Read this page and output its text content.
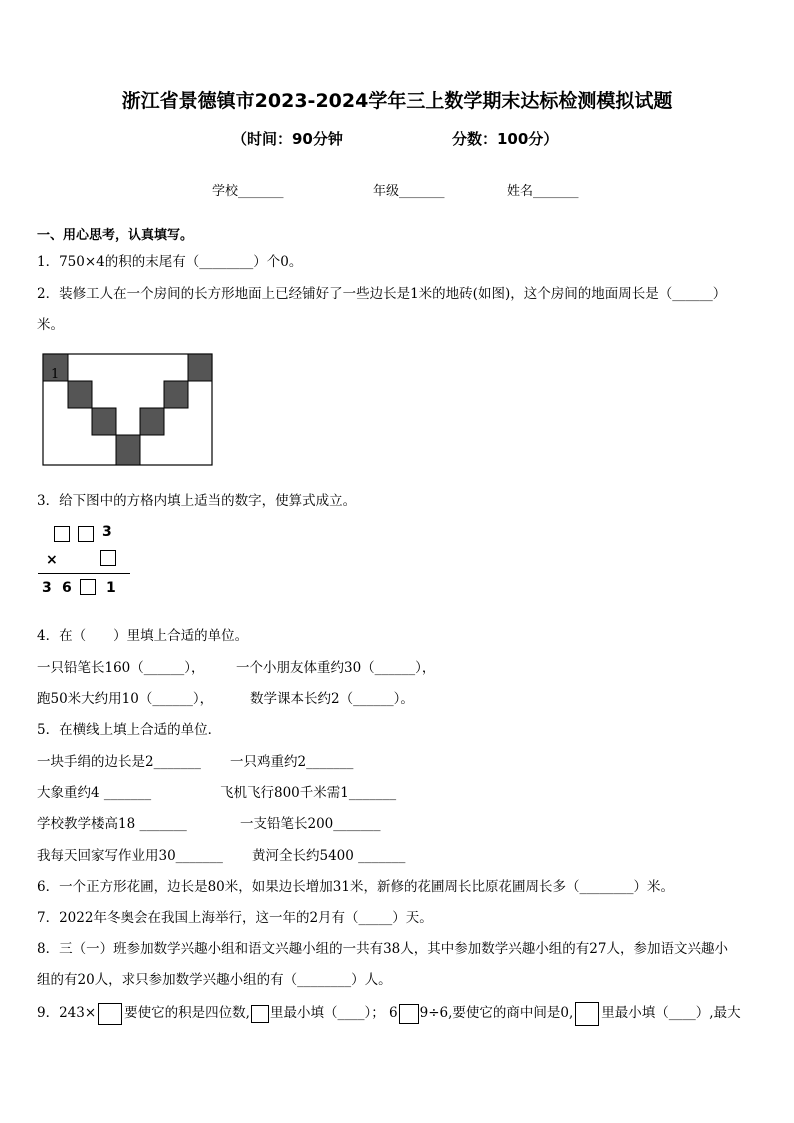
浙江省景德镇市2023-2024学年三上数学期末达标检测模拟试题
（时间：90分钟	分数：100分）
学校_______	年级_______	姓名_______
一、用心思考，认真填写。
1．750×4的积的末尾有（________）个0。
2．装修工人在一个房间的长方形地面上已经铺好了一些边长是1米的地砖(如图)，这个房间的地面周长是（______）
米。
1
3．给下图中的方格内填上适当的数字，使算式成立。
3
×
3 6 1
4．在（　　）里填上合适的单位。
一只铅笔长160（______）， 一个小朋友体重约30（______），
跑50米大约用10（______），	数学课本长约2（______）。
5．在横线上填上合适的单位．
一块手绢的边长是2_______ 一只鸡重约2_______
大象重约4 _______	飞机飞行800千米需1_______
学校教学楼高18 _______	一支铅笔长200_______
我每天回家写作业用30_______ 黄河全长约5400 _______
6．一个正方形花圃，边长是80米，如果边长增加31米，新修的花圃周长比原花圃周长多（________）米。
7．2022年冬奥会在我国上海举行，这一年的2月有（_____）天。
8．三（一）班参加数学兴趣小组和语文兴趣小组的一共有38人，其中参加数学兴趣小组的有27人，参加语文兴趣小
组的有20人，求只参加数学兴趣小组的有（________）人。
9．243× 要使它的积是四位数, 里最小填（____）； 6 9÷6,要使它的商中间是0, 里最小填（____）,最大
